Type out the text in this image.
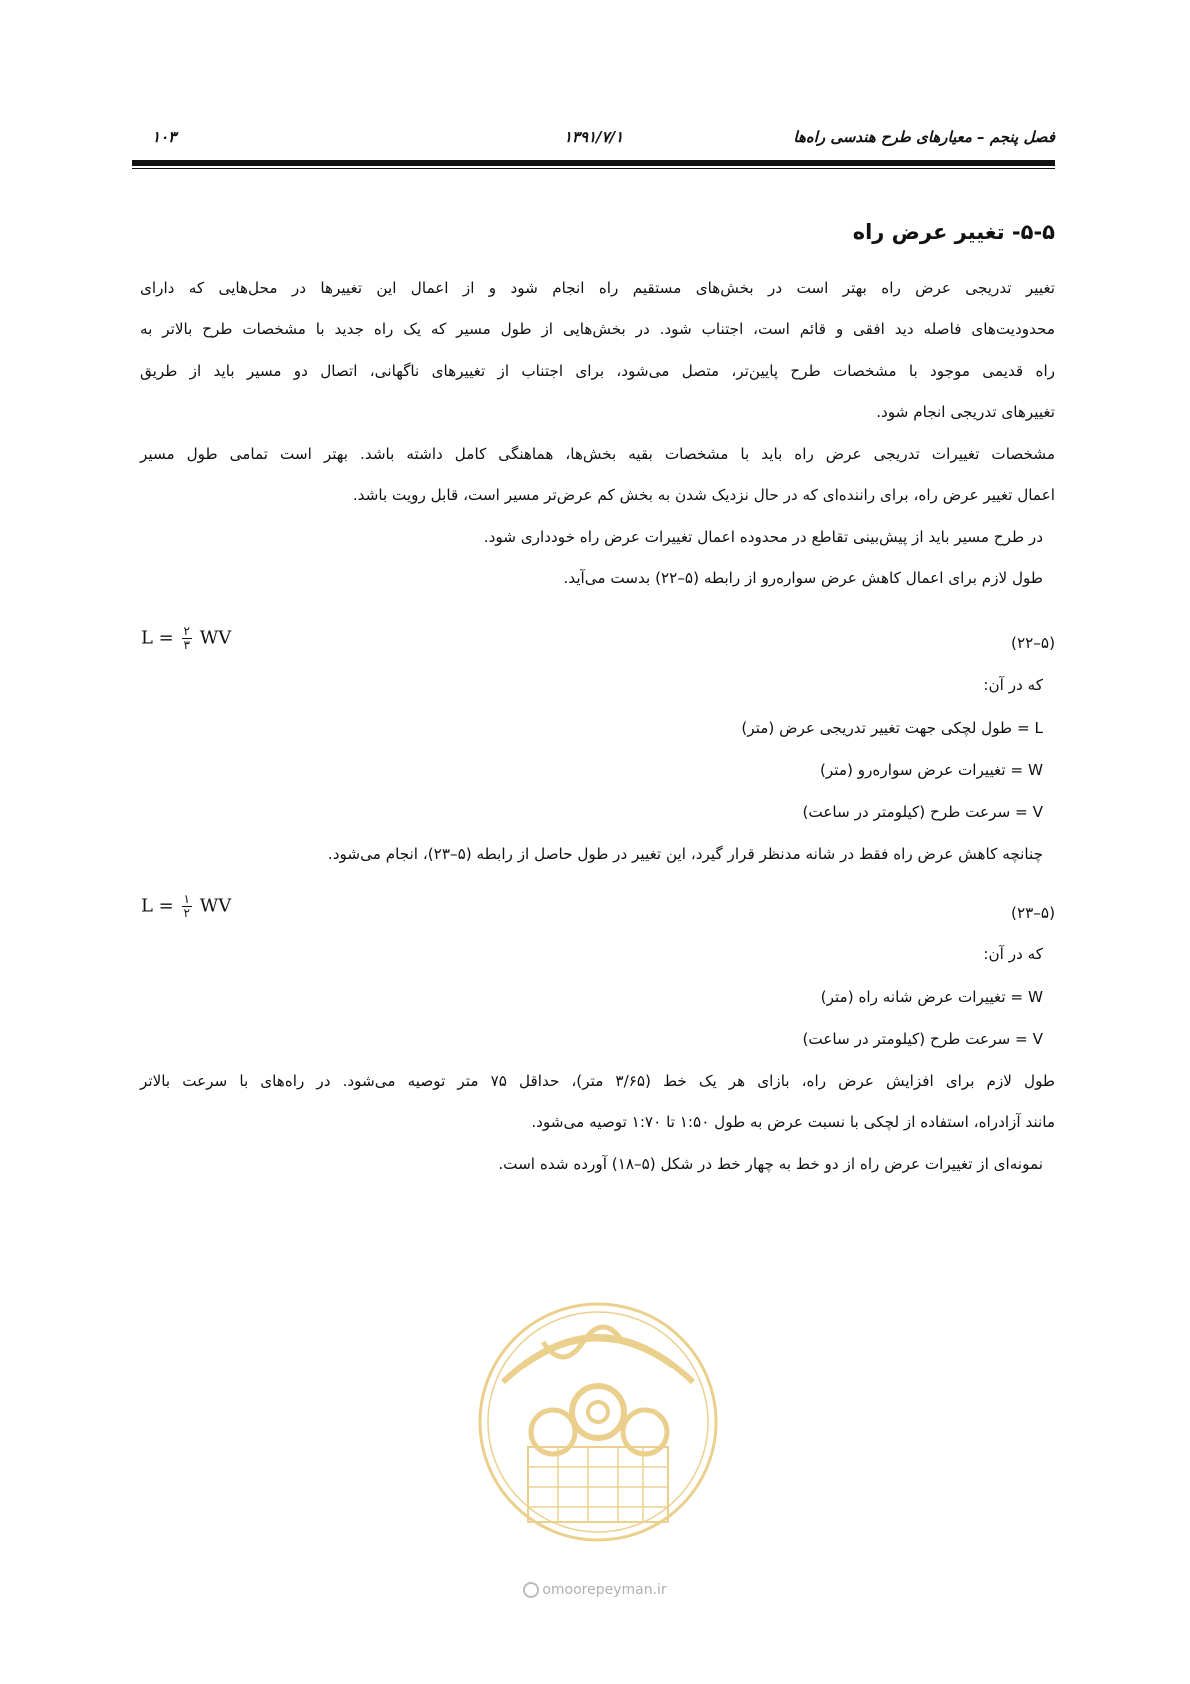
۱۰۳	۱۳۹۱/۷/۱	فصل پنجم – معیارهای طرح هندسی راه‌ها
۵-۵- تغییر عرض راه
تغییر تدریجی عرض راه بهتر است در بخش‌های مستقیم راه انجام شود و از اعمال این تغییرها در محل‌هایی که دارای
محدودیت‌های فاصله دید افقی و قائم است، اجتناب شود. در بخش‌هایی از طول مسیر که یک راه جدید با مشخصات طرح بالاتر به
راه قدیمی موجود با مشخصات طرح پایین‌تر، متصل می‌شود، برای اجتناب از تغییرهای ناگهانی، اتصال دو مسیر باید از طریق
تغییرهای تدریجی انجام شود.
مشخصات تغییرات تدریجی عرض راه باید با مشخصات بقیه بخش‌ها، هماهنگی کامل داشته باشد. بهتر است تمامی طول مسیر
اعمال تغییر عرض راه، برای راننده‌ای که در حال نزدیک شدن به بخش کم عرض‌تر مسیر است، قابل رویت باشد.
در طرح مسیر باید از پیش‌بینی تقاطع در محدوده اعمال تغییرات عرض راه خودداری شود.
طول لازم برای اعمال کاهش عرض سواره‌رو از رابطه (۵–۲۲) بدست می‌آید.
$L = \frac{۲}{۳}$ WV	(۵–۲۲)
که در آن:
L = طول لچکی جهت تغییر تدریجی عرض (متر)
W = تغییرات عرض سواره‌رو (متر)
V = سرعت طرح (کیلومتر در ساعت)
چنانچه کاهش عرض راه فقط در شانه مدنظر قرار گیرد، این تغییر در طول حاصل از رابطه (۵–۲۳)، انجام می‌شود.
$L = \frac{۱}{۲}$ WV	(۵–۲۳)
که در آن:
W = تغییرات عرض شانه راه (متر)
V = سرعت طرح (کیلومتر در ساعت)
طول لازم برای افزایش عرض راه، بازای هر یک خط (۳/۶۵ متر)، حداقل ۷۵ متر توصیه می‌شود. در راه‌های با سرعت بالاتر
مانند آزادراه، استفاده از لچکی با نسبت عرض به طول ۱:۵۰ تا ۱:۷۰ توصیه می‌شود.
نمونه‌ای از تغییرات عرض راه از دو خط به چهار خط در شکل (۵–۱۸) آورده شده است.
omoorepeyman.ir
